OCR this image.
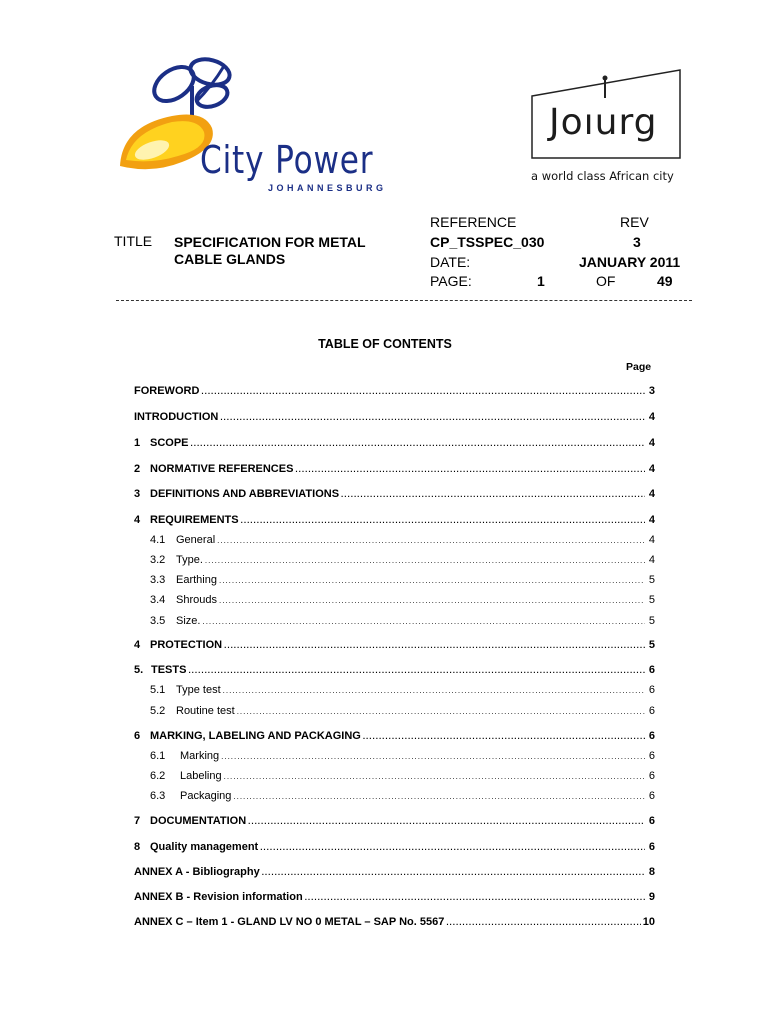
City Power
JOHANNESBURG
Joıurg
a world class African city
TITLE SPECIFICATION FOR METAL
CABLE GLANDS
REFERENCE	REV
CP_TSSPEC_030	3
DATE:	JANUARY 2011
PAGE:	1	OF	49
TABLE OF CONTENTS
Page
FOREWORD .....	3
INTRODUCTION .....	4
1 SCOPE .....	4
2 NORMATIVE REFERENCES .....	4
3 DEFINITIONS AND ABBREVIATIONS .....	4
4 REQUIREMENTS .....	4
4.1 General .....	4
3.2 Type. .....	4
3.3 Earthing .....	5
3.4 Shrouds .....	5
3.5 Size. .....	5
4 PROTECTION .....	5
5. TESTS .....	6
5.1 Type test .....	6
5.2 Routine test .....	6
6 MARKING, LABELING AND PACKAGING .....	6
6.1	Marking .....	6
6.2	Labeling .....	6
6.3	Packaging .....	6
7 DOCUMENTATION .....	6
8 Quality management .....	6
ANNEX A - Bibliography .....	8
ANNEX B - Revision information .....	9
ANNEX C – Item 1 - GLAND LV NO 0 METAL – SAP No. 5567 .....	10
